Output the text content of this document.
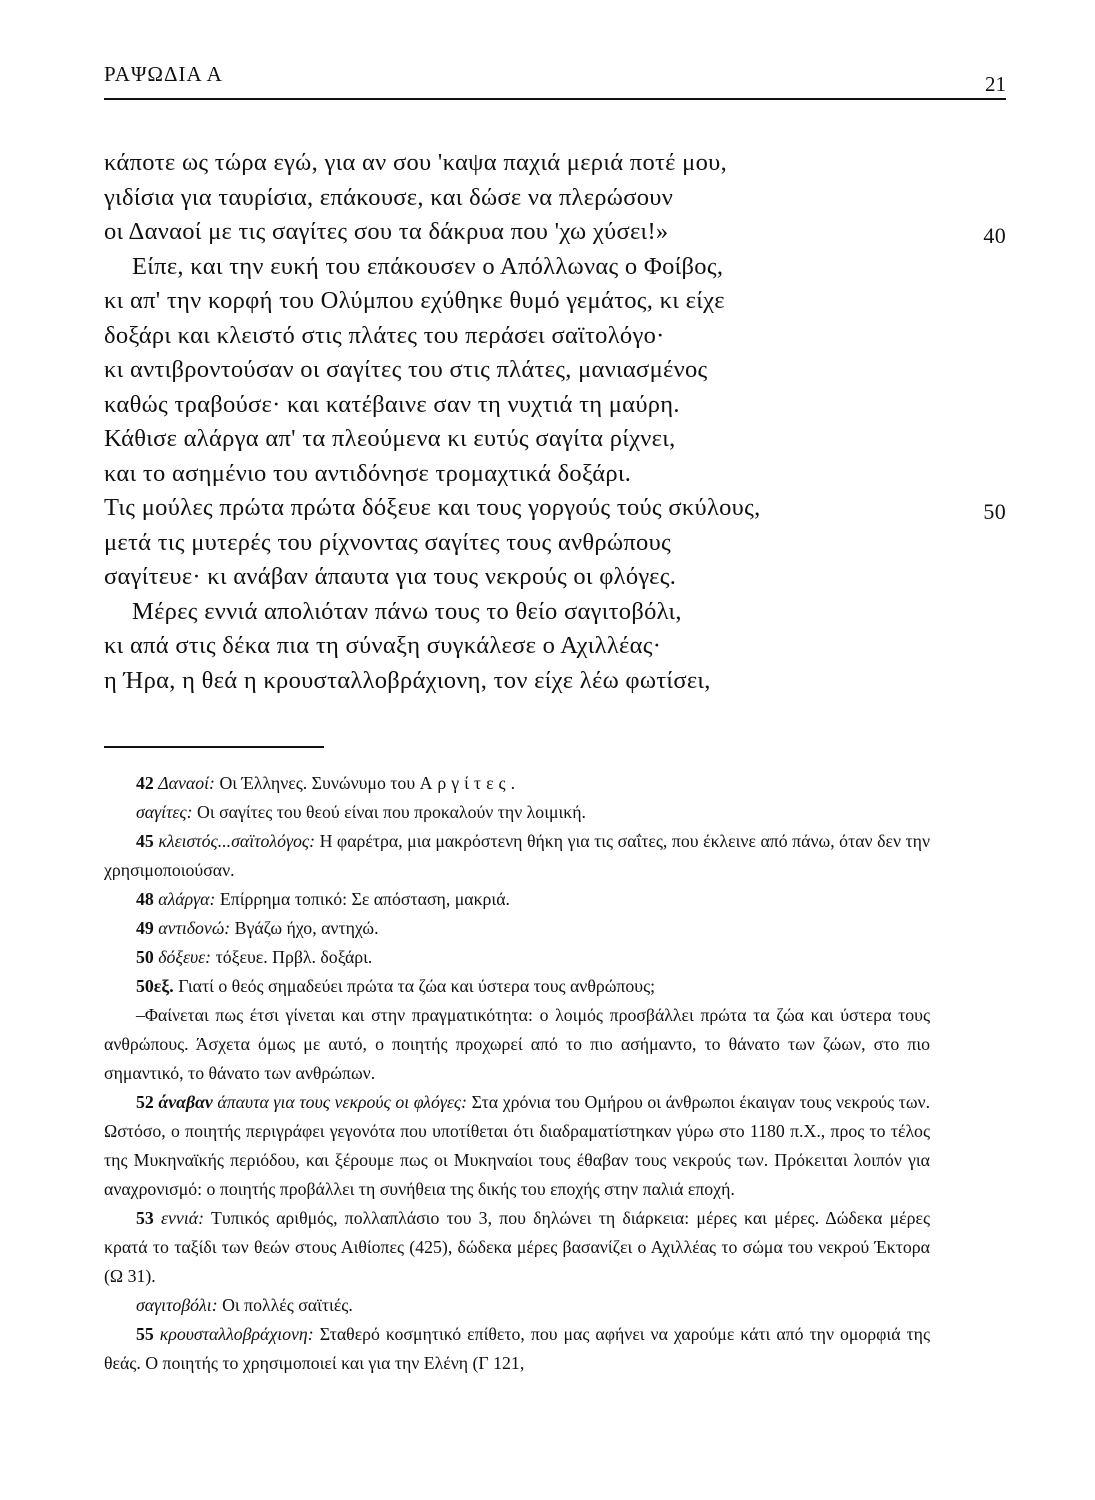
ΡΑΨΩΔΙΑ Α	21
κάποτε ως τώρα εγώ, για αν σου 'καψα παχιά μεριά ποτέ μου,
γιδίσια για ταυρίσια, επάκουσε, και δώσε να πλερώσουν
οι Δαναοί με τις σαγίτες σου τα δάκρυα που 'χω χύσει!»	40
Είπε, και την ευκή του επάκουσεν ο Απόλλωνας ο Φοίβος,
κι απ' την κορφή του Ολύμπου εχύθηκε θυμό γεμάτος, κι είχε
δοξάρι και κλειστό στις πλάτες του περάσει σαϊτολόγο·
κι αντιβροντούσαν οι σαγίτες του στις πλάτες, μανιασμένος
καθώς τραβούσε· και κατέβαινε σαν τη νυχτιά τη μαύρη.
Κάθισε αλάργα απ' τα πλεούμενα κι ευτύς σαγίτα ρίχνει,
και το ασημένιο του αντιδόνησε τρομαχτικά δοξάρι.
Τις μούλες πρώτα πρώτα δόξευε και τους γοργούς τούς σκύλους,	50
μετά τις μυτερές του ρίχνοντας σαγίτες τους ανθρώπους
σαγίτευε· κι ανάβαν άπαυτα για τους νεκρούς οι φλόγες.
Μέρες εννιά απολιόταν πάνω τους το θείο σαγιτοβόλι,
κι απά στις δέκα πια τη σύναξη συγκάλεσε ο Αχιλλέας·
η Ήρα, η θεά η κρουσταλλοβράχιονη, τον είχε λέω φωτίσει,

42 Δαναοί: Οι Έλληνες. Συνώνυμο του Αργίτες.

σαγίτες: Οι σαγίτες του θεού είναι που προκαλούν την λοιμική.

45 κλειστός...σαϊτολόγος: Η φαρέτρα, μια μακρόστενη θήκη για τις σαΐτες, που έκλεινε από πάνω, όταν δεν την χρησιμοποιούσαν.

48 αλάργα: Επίρρημα τοπικό: Σε απόσταση, μακριά.

49 αντιδονώ: Βγάζω ήχο, αντηχώ.

50 δόξευε: τόξευε. Πρβλ. δοξάρι.

50εξ. Γιατί ο θεός σημαδεύει πρώτα τα ζώα και ύστερα τους ανθρώπους;

–Φαίνεται πως έτσι γίνεται και στην πραγματικότητα: ο λοιμός προσβάλλει πρώτα τα ζώα και ύστερα τους ανθρώπους. Άσχετα όμως με αυτό, ο ποιητής προχωρεί από το πιο ασήμαντο, το θάνατο των ζώων, στο πιο σημαντικό, το θάνατο των ανθρώπων.

52 άναβαν άπαυτα για τους νεκρούς οι φλόγες: Στα χρόνια του Ομήρου οι άνθρωποι έκαιγαν τους νεκρούς των. Ωστόσο, ο ποιητής περιγράφει γεγονότα που υποτίθεται ότι διαδραματίστηκαν γύρω στο 1180 π.Χ., προς το τέλος της Μυκηναϊκής περιόδου, και ξέρουμε πως οι Μυκηναίοι τους έθαβαν τους νεκρούς των. Πρόκειται λοιπόν για αναχρονισμό: ο ποιητής προβάλλει τη συνήθεια της δικής του εποχής στην παλιά εποχή.

53 εννιά: Τυπικός αριθμός, πολλαπλάσιο του 3, που δηλώνει τη διάρκεια: μέρες και μέρες. Δώδεκα μέρες κρατά το ταξίδι των θεών στους Αιθίοπες (425), δώδεκα μέρες βασανίζει ο Αχιλλέας το σώμα του νεκρού Έκτορα (Ω 31).

σαγιτοβόλι: Οι πολλές σαϊτιές.

55 κρουσταλλοβράχιονη: Σταθερό κοσμητικό επίθετο, που μας αφήνει να χαρούμε κάτι από την ομορφιά της θεάς. Ο ποιητής το χρησιμοποιεί και για την Ελένη (Γ 121,
